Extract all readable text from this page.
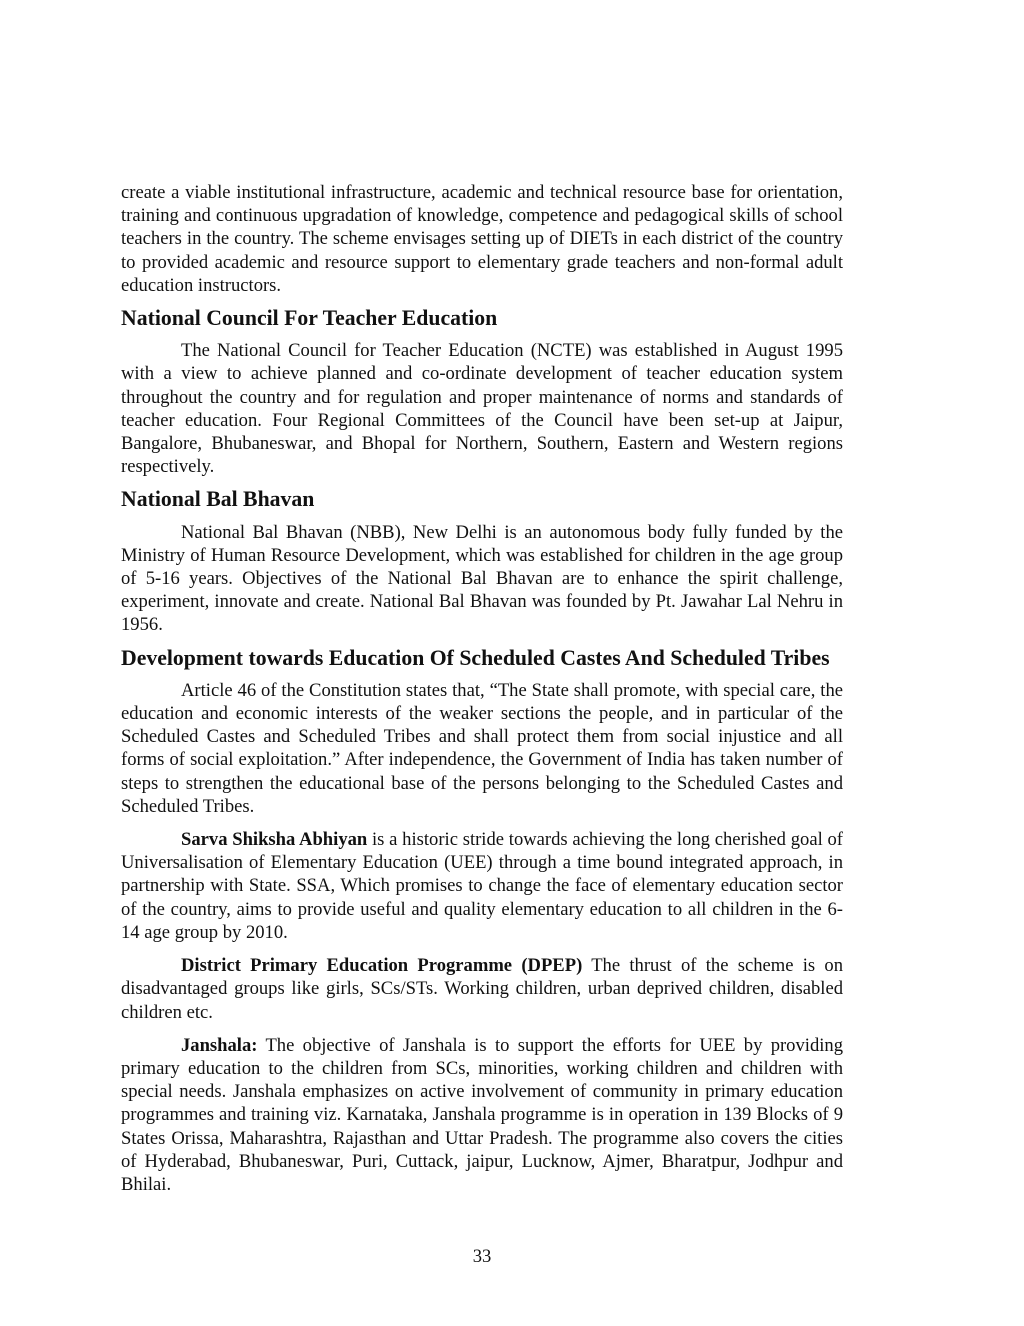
create a viable institutional infrastructure, academic and technical resource base for orientation, training and continuous upgradation of knowledge, competence and pedagogical skills of school teachers in the country. The scheme envisages setting up of DIETs in each district of the country to provided academic and resource support to elementary grade teachers and non-formal adult education instructors.

National Council For Teacher Education

The National Council for Teacher Education (NCTE) was established in August 1995 with a view to achieve planned and co-ordinate development of teacher education system throughout the country and for regulation and proper maintenance of norms and standards of teacher education. Four Regional Committees of the Council have been set-up at Jaipur, Bangalore, Bhubaneswar, and Bhopal for Northern, Southern, Eastern and Western regions respectively.

National Bal Bhavan

National Bal Bhavan (NBB), New Delhi is an autonomous body fully funded by the Ministry of Human Resource Development, which was established for children in the age group of 5-16 years. Objectives of the National Bal Bhavan are to enhance the spirit challenge, experiment, innovate and create. National Bal Bhavan was founded by Pt. Jawahar Lal Nehru in 1956.

Development towards Education Of Scheduled Castes And Scheduled Tribes

Article 46 of the Constitution states that, “The State shall promote, with special care, the education and economic interests of the weaker sections the people, and in particular of the Scheduled Castes and Scheduled Tribes and shall protect them from social injustice and all forms of social exploitation.” After independence, the Government of India has taken number of steps to strengthen the educational base of the persons belonging to the Scheduled Castes and Scheduled Tribes.

Sarva Shiksha Abhiyan is a historic stride towards achieving the long cherished goal of Universalisation of Elementary Education (UEE) through a time bound integrated approach, in partnership with State. SSA, Which promises to change the face of elementary education sector of the country, aims to provide useful and quality elementary education to all children in the 6-14 age group by 2010.

District Primary Education Programme (DPEP) The thrust of the scheme is on disadvantaged groups like girls, SCs/STs. Working children, urban deprived children, disabled children etc.

Janshala: The objective of Janshala is to support the efforts for UEE by providing primary education to the children from SCs, minorities, working children and children with special needs. Janshala emphasizes on active involvement of community in primary education programmes and training viz. Karnataka, Janshala programme is in operation in 139 Blocks of 9 States Orissa, Maharashtra, Rajasthan and Uttar Pradesh. The programme also covers the cities of Hyderabad, Bhubaneswar, Puri, Cuttack, jaipur, Lucknow, Ajmer, Bharatpur, Jodhpur and Bhilai.

33
